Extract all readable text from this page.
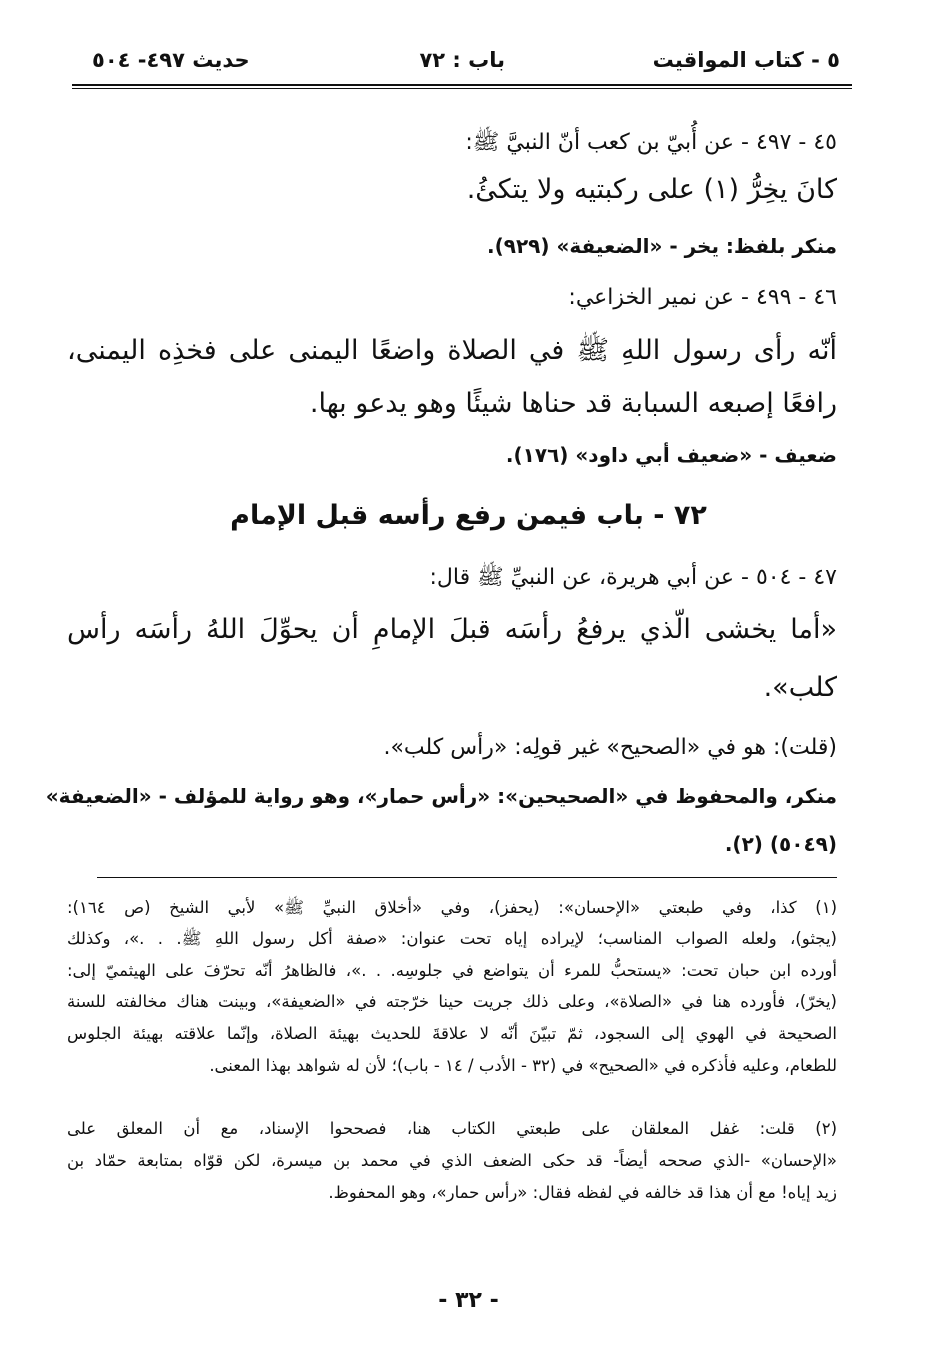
٥ - كتاب المواقيت
باب : ٧٢
حديث ٤٩٧- ٥٠٤
٤٥ - ٤٩٧ - عن أُبيّ بن كعب أنّ النبيَّ ﷺ:
كانَ يخِرُّ (١) على ركبتيه ولا يتكئُ.
منكر بلفظ: يخر - «الضعيفة» (٩٢٩).
٤٦ - ٤٩٩ - عن نمير الخزاعي:
أنّه رأى رسول اللهِ ﷺ في الصلاة واضعًا اليمنى على فخذِه اليمنى،
رافعًا إصبعه السبابة قد حناها شيئًا وهو يدعو بها.
ضعيف - «ضعيف أبي داود» (١٧٦).
٧٢ - باب فيمن رفع رأسه قبل الإمام
٤٧ - ٥٠٤ - عن أبي هريرة، عن النبيِّ ﷺ قال:
«أما يخشى الّذي يرفعُ رأسَه قبلَ الإمامِ أن يحوِّلَ اللهُ رأسَه رأس
كلب».
(قلت): هو في «الصحيح» غير قولِه: «رأس كلب».
منكر، والمحفوظ في «الصحيحين»: «رأس حمار»، وهو رواية للمؤلف - «الضعيفة»
(٥٠٤٩) (٢).
(١) كذا، وفي طبعتي «الإحسان»: (يحفز)، وفي «أخلاق النبيِّ ﷺ» لأبي الشيخ (ص ١٦٤):
(يجثو)، ولعله الصواب المناسب؛ لإيراده إياه تحت عنوان: «صفة أكل رسول اللهِ ﷺ. . .»، وكذلك
أورده ابن حبان تحت: «يستحبُّ للمرء أن يتواضع في جلوسِه. . .»، فالظاهرُ أنّه تحرّفَ على الهيثميّ إلى:
(يخرّ)، فأورده هنا في «الصلاة»، وعلى ذلك جريت حينا خرّجته في «الضعيفة»، وبينت هناك مخالفته للسنة
الصحيحة في الهوي إلى السجود، ثمّ تبيّنَ أنّه لا علاقةَ للحديث بهيئة الصلاة، وإنّما علاقته بهيئة الجلوس
للطعام، وعليه فأذكره في «الصحيح» في (٣٢ - الأدب / ١٤ - باب)؛ لأن له شواهد بهذا المعنى.
(٢) قلت: غفل المعلقان على طبعتي الكتاب هنا، فصححوا الإسناد، مع أن المعلق على
«الإحسان» -الذي صححه أيضاً- قد حكى الضعف الذي في محمد بن ميسرة، لكن قوّاه بمتابعة حمّاد بن
زيد إياه! مع أن هذا قد خالفه في لفظه فقال: «رأس حمار»، وهو المحفوظ.
- ٣٢ -
